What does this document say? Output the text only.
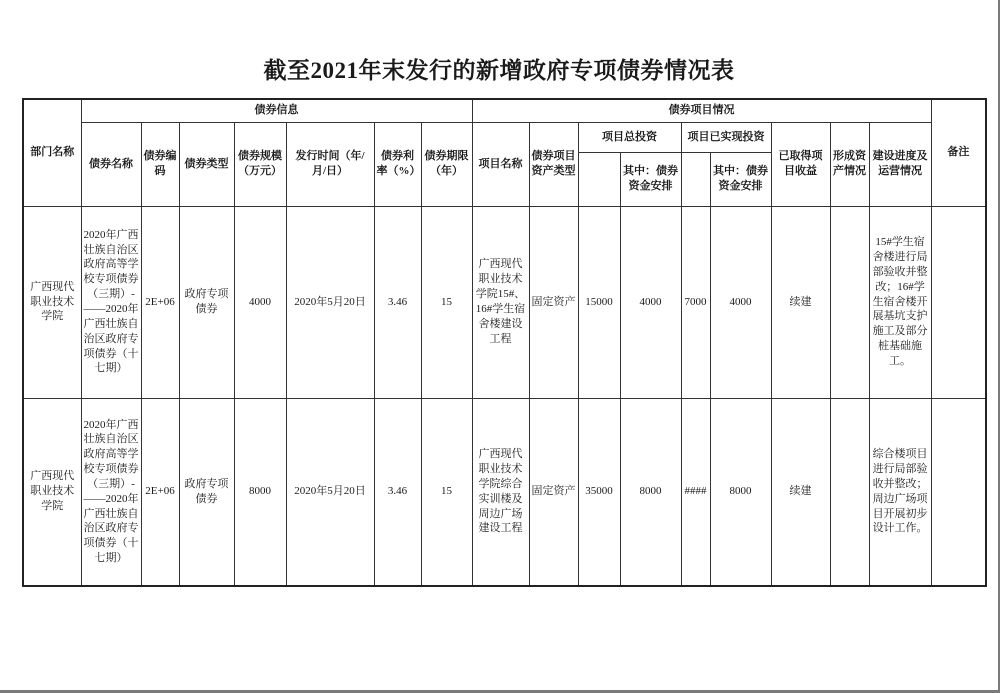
截至2021年末发行的新增政府专项债券情况表
部门名称	债券信息							债券项目情况									备注
	债券名称	债券编码	债券类型	债券规模（万元）	发行时间（年/月/日）	债券利率（%）	债券期限（年）	项目名称	债券项目资产类型	项目总投资		项目已实现投资		已取得项目收益	形成资产情况	建设进度及运营情况	
											其中：债券资金安排		其中：债券资金安排				
广西现代职业技术学院	2020年广西壮族自治区政府高等学校专项债券（三期）-——2020年广西壮族自治区政府专项债券（十七期）	2E+06	政府专项债券	4000	2020年5月20日	3.46	15	广西现代职业技术学院15#、16#学生宿舍楼建设工程	固定资产	15000	4000	7000	4000	续建		15#学生宿舍楼进行局部验收并整改；16#学生宿舍楼开展基坑支护施工及部分桩基础施工。	
广西现代职业技术学院	2020年广西壮族自治区政府高等学校专项债券（三期）-——2020年广西壮族自治区政府专项债券（十七期）	2E+06	政府专项债券	8000	2020年5月20日	3.46	15	广西现代职业技术学院综合实训楼及周边广场建设工程	固定资产	35000	8000	####	8000	续建		综合楼项目进行局部验收并整改；周边广场项目开展初步设计工作。	
